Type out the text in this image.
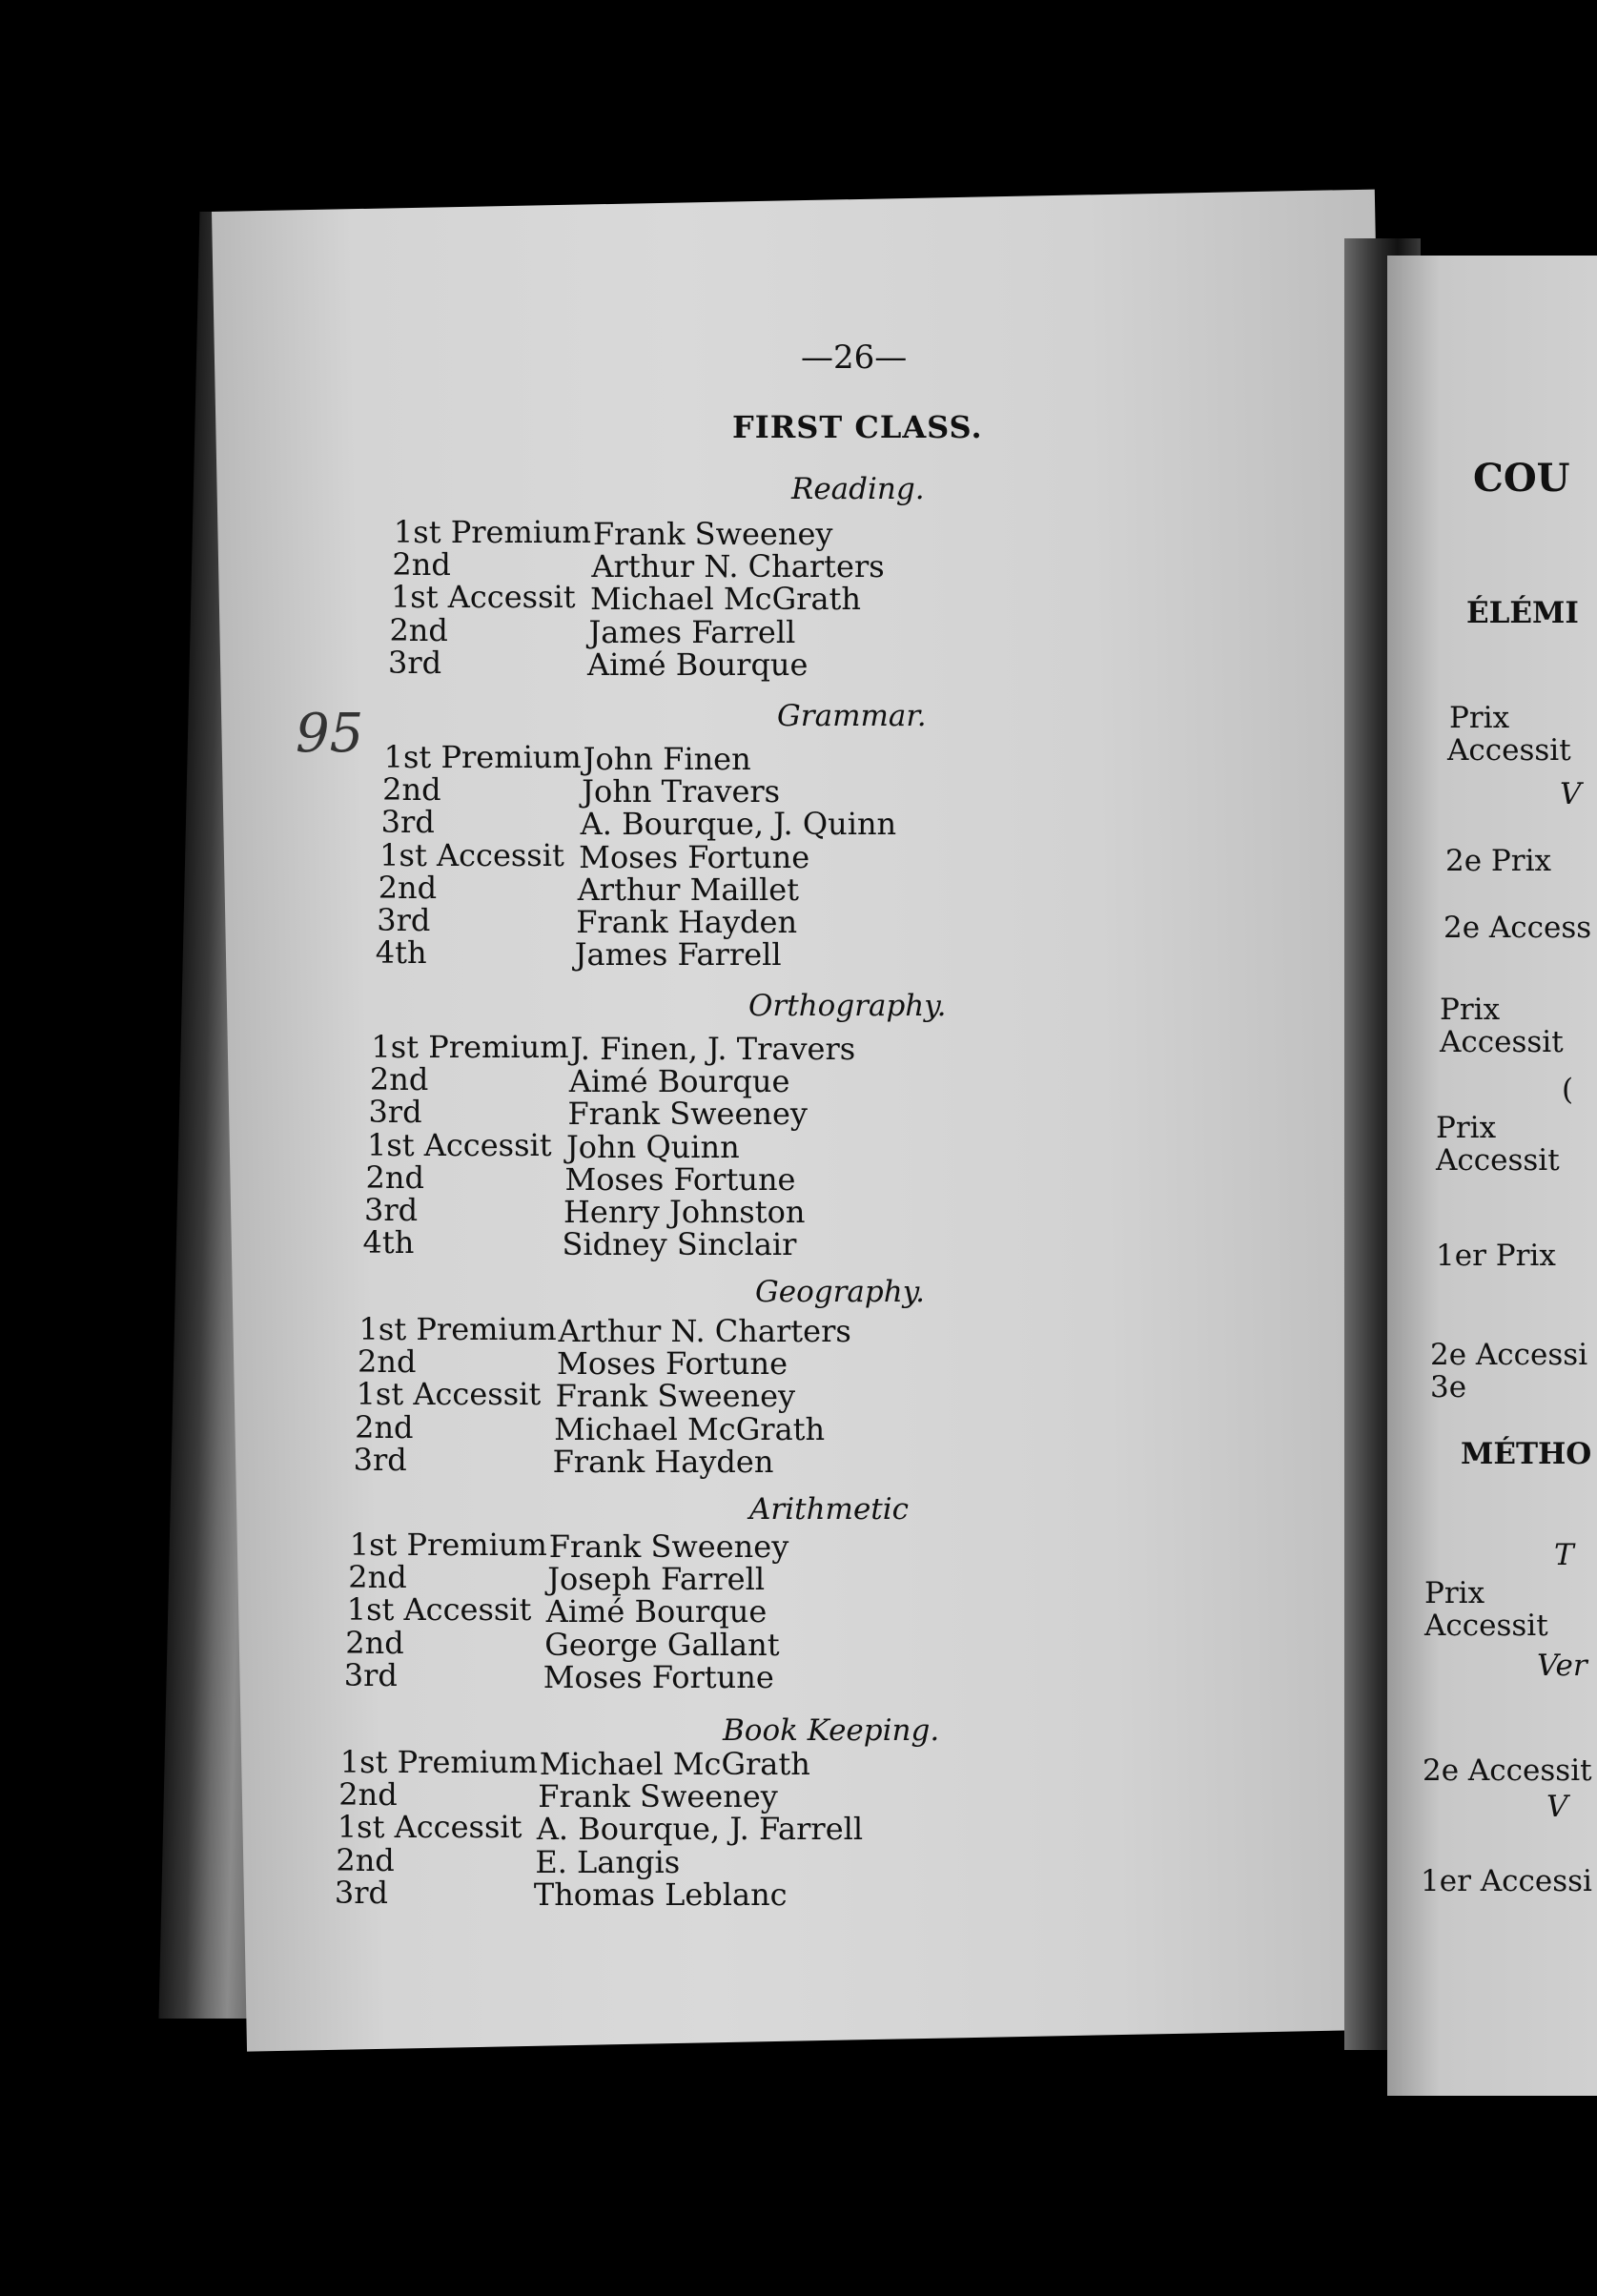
—26—
FIRST CLASS.
95
Reading.
1st Premium Frank Sweeney
2nd	Arthur N. Charters
1st Accessit Michael McGrath
2nd	James Farrell
3rd	Aimé Bourque
Grammar.
1st Premium John Finen
2nd	John Travers
3rd	A. Bourque, J. Quinn
1st Accessit Moses Fortune
2nd	Arthur Maillet
3rd	Frank Hayden
4th	James Farrell
Orthography.
1st Premium J. Finen, J. Travers
2nd	Aimé Bourque
3rd	Frank Sweeney
1st Accessit John Quinn
2nd	Moses Fortune
3rd	Henry Johnston
4th	Sidney Sinclair
Geography.
1st Premium Arthur N. Charters
2nd	Moses Fortune
1st Accessit Frank Sweeney
2nd	Michael McGrath
3rd	Frank Hayden
Arithmetic
1st Premium Frank Sweeney
2nd	Joseph Farrell
1st Accessit Aimé Bourque
2nd	George Gallant
3rd	Moses Fortune
Book Keeping.
1st Premium Michael McGrath
2nd	Frank Sweeney
1st Accessit A. Bourque, J. Farrell
2nd	E. Langis
3rd	Thomas Leblanc
COU
ÉLÉMI
Prix
Accessit
V
2e Prix
2e Access
Prix
Accessit
(
Prix
Accessit
1er Prix
2e Accessi
3e
MÉTHO
T
Prix
Accessit
Ver
2e Accessit
V
1er Accessi
